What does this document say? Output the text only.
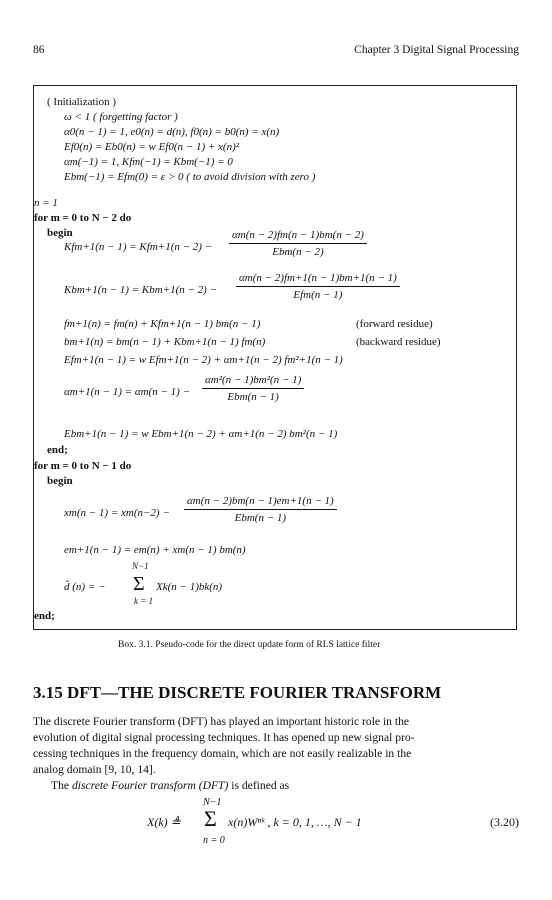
86	Chapter 3 Digital Signal Processing
( Initialization )
ω < 1 ( forgetting factor )
α0(n − 1) = 1, e0(n) = d(n), f0(n) = b0(n) = x(n)
Ef0(n) = Eb0(n) = w Ef0(n − 1) + x(n)²
αm(−1) = 1, Kfm(−1) = Kbm(−1) = 0
Ebm(−1) = Efm(0) = ε > 0 ( to avoid division with zero )
n = 1
for m = 0 to N − 2 do
begin
Kfm+1(n − 1) = Kfm+1(n − 2) −
αm(n − 2)fm(n − 1)bm(n − 2)
Ebm(n − 2)
Kbm+1(n − 1) = Kbm+1(n − 2) −
αm(n − 2)fm+1(n − 1)bm+1(n − 1)
Efm(n − 1)
fm+1(n) = fm(n) + Kfm+1(n − 1) bm(n − 1)	(forward residue)
bm+1(n) = bm(n − 1) + Kbm+1(n − 1) fm(n)	(backward residue)
Efm+1(n − 1) = w Efm+1(n − 2) + αm+1(n − 2) fm²+1(n − 1)
αm+1(n − 1) = αm(n − 1) −
αm²(n − 1)bm²(n − 1)
Ebm(n − 1)
Ebm+1(n − 1) = w Ebm+1(n − 2) + αm+1(n − 2) bm²(n − 1)
end;
for m = 0 to N − 1 do
begin
xm(n − 1) = xm(n−2) −
αm(n − 2)bm(n − 1)em+1(n − 1)
Ebm(n − 1)
em+1(n − 1) = em(n) + xm(n − 1) bm(n)
d̂ (n) = −
N−1
Σ
k = 1
Xk(n − 1)bk(n)
end;
Box. 3.1. Pseudo-code for the direct update form of RLS lattice filter
3.15 DFT—THE DISCRETE FOURIER TRANSFORM
The discrete Fourier transform (DFT) has played an important historic role in the
evolution of digital signal processing techniques. It has opened up new signal pro-
cessing techniques in the frequency domain, which are not easily realizable in the
analog domain [9, 10, 14].
The discrete Fourier transform (DFT) is defined as
X(k) ≜
N−1
Σ
n = 0
x(n)Wⁿᵏ , k = 0, 1, …, N − 1	(3.20)
